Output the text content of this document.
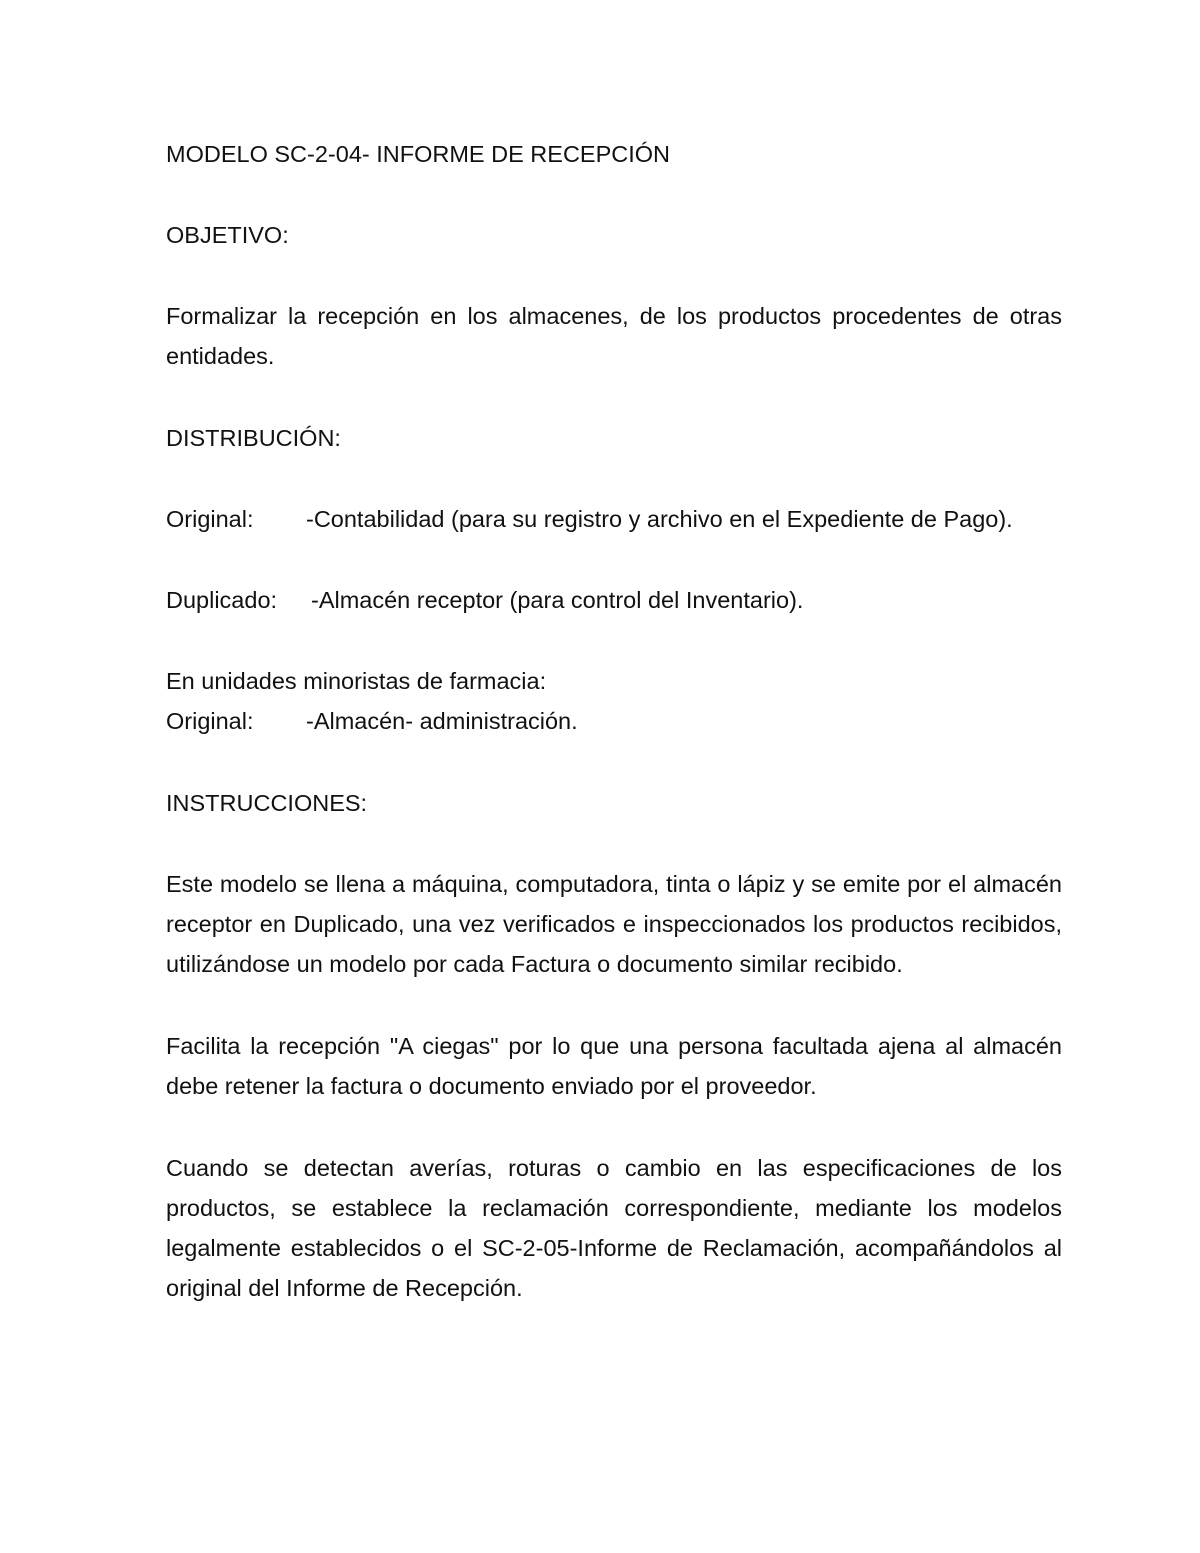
MODELO SC-2-04- INFORME DE RECEPCIÓN
OBJETIVO:
Formalizar la recepción en los almacenes, de los productos procedentes de otras entidades.
DISTRIBUCIÓN:
Original: -Contabilidad (para su registro y archivo en el Expediente de Pago).
Duplicado: -Almacén receptor (para control del Inventario).
En unidades minoristas de farmacia:
Original: -Almacén- administración.
INSTRUCCIONES:
Este modelo se llena a máquina, computadora, tinta o lápiz y se emite por el almacén receptor en Duplicado, una vez verificados e inspeccionados los productos recibidos, utilizándose un modelo por cada Factura o documento similar recibido.
Facilita la recepción "A ciegas" por lo que una persona facultada ajena al almacén debe retener la factura o documento enviado por el proveedor.
Cuando se detectan averías, roturas o cambio en las especificaciones de los productos, se establece la reclamación correspondiente, mediante los modelos legalmente establecidos o el SC-2-05-Informe de Reclamación, acompañándolos al original del Informe de Recepción.
